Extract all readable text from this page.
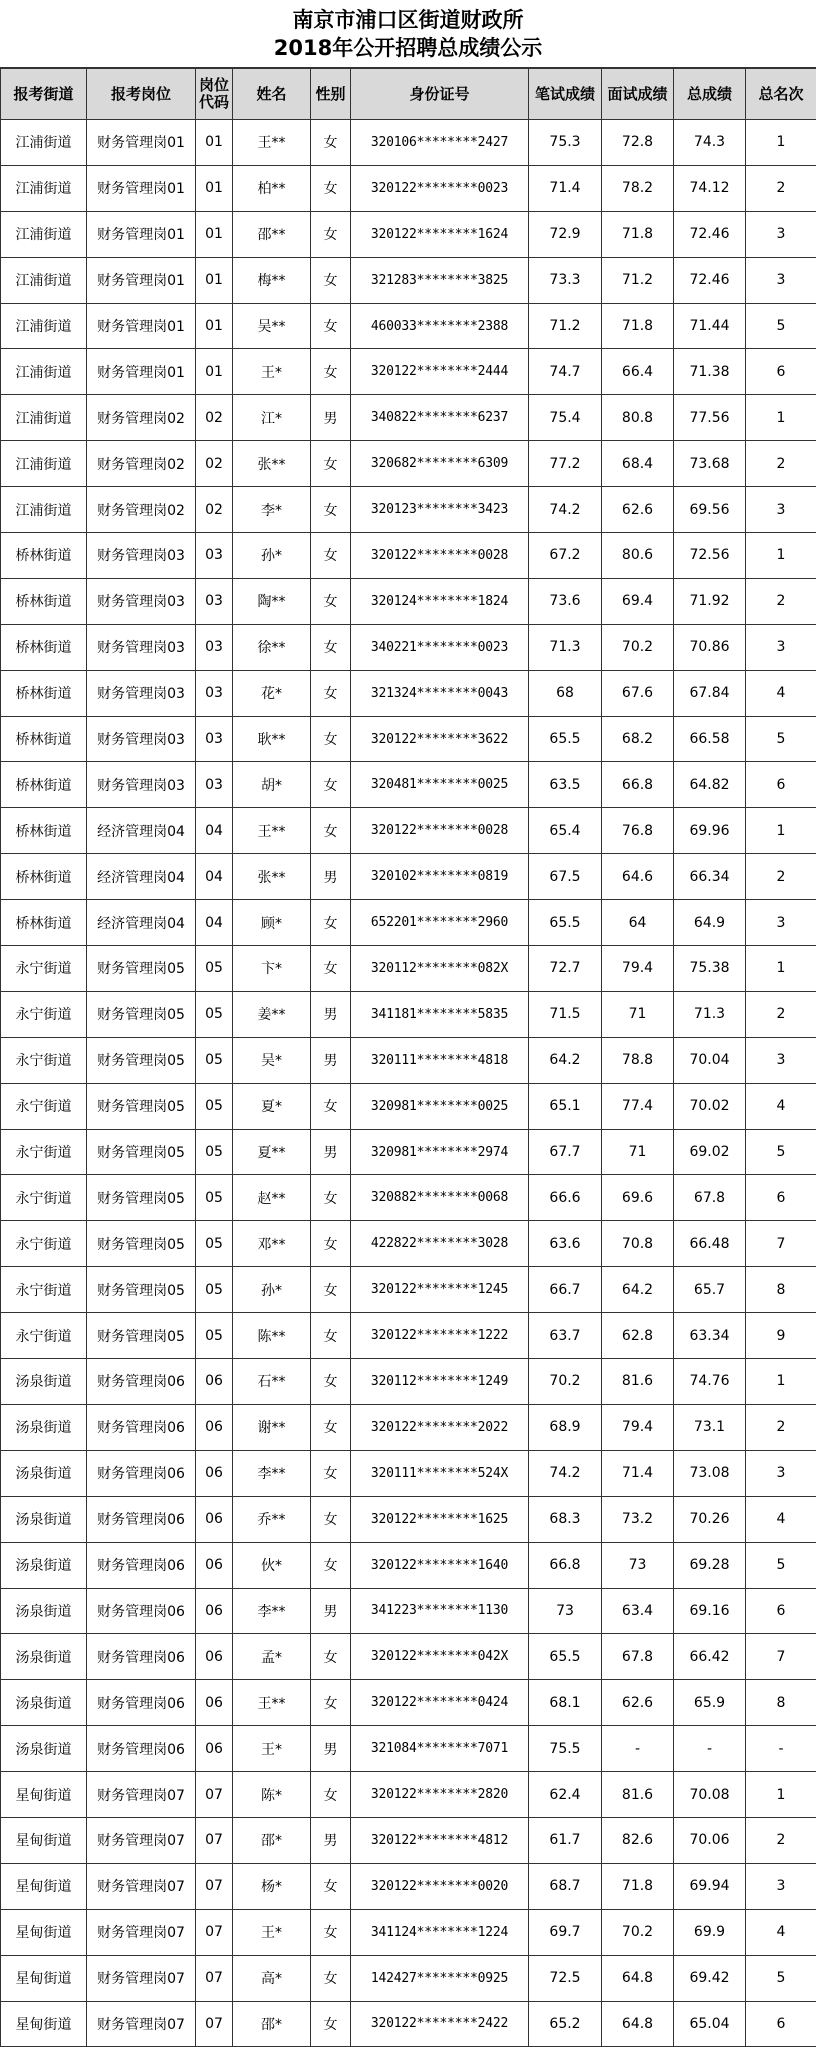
南京市浦口区街道财政所
2018年公开招聘总成绩公示
报考街道	报考岗位	岗位代码	姓名	性别	身份证号	笔试成绩	面试成绩	总成绩	总名次
江浦街道	财务管理岗01	01	王**	女	320106********2427	75.3	72.8	74.3	1
江浦街道	财务管理岗01	01	柏**	女	320122********0023	71.4	78.2	74.12	2
江浦街道	财务管理岗01	01	邵**	女	320122********1624	72.9	71.8	72.46	3
江浦街道	财务管理岗01	01	梅**	女	321283********3825	73.3	71.2	72.46	3
江浦街道	财务管理岗01	01	吴**	女	460033********2388	71.2	71.8	71.44	5
江浦街道	财务管理岗01	01	王*	女	320122********2444	74.7	66.4	71.38	6
江浦街道	财务管理岗02	02	江*	男	340822********6237	75.4	80.8	77.56	1
江浦街道	财务管理岗02	02	张**	女	320682********6309	77.2	68.4	73.68	2
江浦街道	财务管理岗02	02	李*	女	320123********3423	74.2	62.6	69.56	3
桥林街道	财务管理岗03	03	孙*	女	320122********0028	67.2	80.6	72.56	1
桥林街道	财务管理岗03	03	陶**	女	320124********1824	73.6	69.4	71.92	2
桥林街道	财务管理岗03	03	徐**	女	340221********0023	71.3	70.2	70.86	3
桥林街道	财务管理岗03	03	花*	女	321324********0043	68	67.6	67.84	4
桥林街道	财务管理岗03	03	耿**	女	320122********3622	65.5	68.2	66.58	5
桥林街道	财务管理岗03	03	胡*	女	320481********0025	63.5	66.8	64.82	6
桥林街道	经济管理岗04	04	王**	女	320122********0028	65.4	76.8	69.96	1
桥林街道	经济管理岗04	04	张**	男	320102********0819	67.5	64.6	66.34	2
桥林街道	经济管理岗04	04	顾*	女	652201********2960	65.5	64	64.9	3
永宁街道	财务管理岗05	05	卞*	女	320112********082X	72.7	79.4	75.38	1
永宁街道	财务管理岗05	05	姜**	男	341181********5835	71.5	71	71.3	2
永宁街道	财务管理岗05	05	吴*	男	320111********4818	64.2	78.8	70.04	3
永宁街道	财务管理岗05	05	夏*	女	320981********0025	65.1	77.4	70.02	4
永宁街道	财务管理岗05	05	夏**	男	320981********2974	67.7	71	69.02	5
永宁街道	财务管理岗05	05	赵**	女	320882********0068	66.6	69.6	67.8	6
永宁街道	财务管理岗05	05	邓**	女	422822********3028	63.6	70.8	66.48	7
永宁街道	财务管理岗05	05	孙*	女	320122********1245	66.7	64.2	65.7	8
永宁街道	财务管理岗05	05	陈**	女	320122********1222	63.7	62.8	63.34	9
汤泉街道	财务管理岗06	06	石**	女	320112********1249	70.2	81.6	74.76	1
汤泉街道	财务管理岗06	06	谢**	女	320122********2022	68.9	79.4	73.1	2
汤泉街道	财务管理岗06	06	李**	女	320111********524X	74.2	71.4	73.08	3
汤泉街道	财务管理岗06	06	乔**	女	320122********1625	68.3	73.2	70.26	4
汤泉街道	财务管理岗06	06	伙*	女	320122********1640	66.8	73	69.28	5
汤泉街道	财务管理岗06	06	李**	男	341223********1130	73	63.4	69.16	6
汤泉街道	财务管理岗06	06	孟*	女	320122********042X	65.5	67.8	66.42	7
汤泉街道	财务管理岗06	06	王**	女	320122********0424	68.1	62.6	65.9	8
汤泉街道	财务管理岗06	06	王*	男	321084********7071	75.5	-	-	-
星甸街道	财务管理岗07	07	陈*	女	320122********2820	62.4	81.6	70.08	1
星甸街道	财务管理岗07	07	邵*	男	320122********4812	61.7	82.6	70.06	2
星甸街道	财务管理岗07	07	杨*	女	320122********0020	68.7	71.8	69.94	3
星甸街道	财务管理岗07	07	王*	女	341124********1224	69.7	70.2	69.9	4
星甸街道	财务管理岗07	07	高*	女	142427********0925	72.5	64.8	69.42	5
星甸街道	财务管理岗07	07	邵*	女	320122********2422	65.2	64.8	65.04	6
